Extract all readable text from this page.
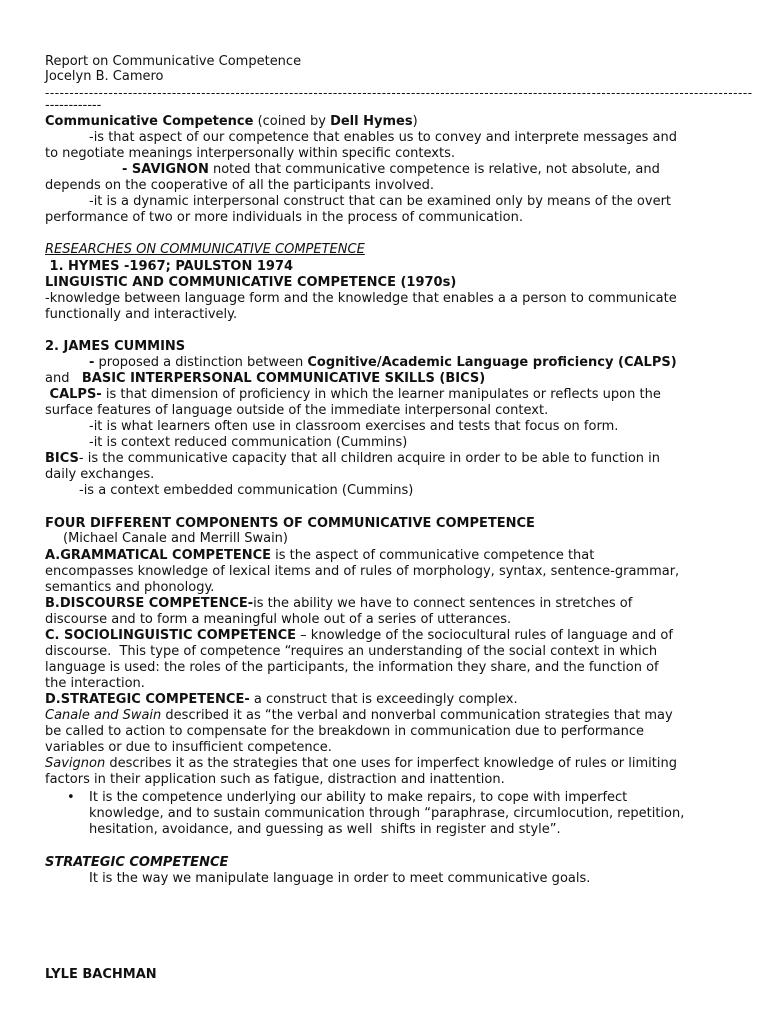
Report on Communicative Competence
Jocelyn B. Camero
-------------------------------------------------------------------------------------------------------------------------------------------------
------------
Communicative Competence (coined by Dell Hymes)
-is that aspect of our competence that enables us to convey and interprete messages and
to negotiate meanings interpersonally within specific contexts.
- SAVIGNON noted that communicative competence is relative, not absolute, and
depends on the cooperative of all the participants involved.
-it is a dynamic interpersonal construct that can be examined only by means of the overt
performance of two or more individuals in the process of communication.
RESEARCHES ON COMMUNICATIVE COMPETENCE
1. HYMES -1967; PAULSTON 1974
LINGUISTIC AND COMMUNICATIVE COMPETENCE (1970s)
-knowledge between language form and the knowledge that enables a a person to communicate
functionally and interactively.
2. JAMES CUMMINS
- proposed a distinction between Cognitive/Academic Language proficiency (CALPS)
and   BASIC INTERPERSONAL COMMUNICATIVE SKILLS (BICS)
CALPS- is that dimension of proficiency in which the learner manipulates or reflects upon the
surface features of language outside of the immediate interpersonal context.
-it is what learners often use in classroom exercises and tests that focus on form.
-it is context reduced communication (Cummins)
BICS- is the communicative capacity that all children acquire in order to be able to function in
daily exchanges.
-is a context embedded communication (Cummins)
FOUR DIFFERENT COMPONENTS OF COMMUNICATIVE COMPETENCE
(Michael Canale and Merrill Swain)
A.GRAMMATICAL COMPETENCE is the aspect of communicative competence that
encompasses knowledge of lexical items and of rules of morphology, syntax, sentence-grammar,
semantics and phonology.
B.DISCOURSE COMPETENCE-is the ability we have to connect sentences in stretches of
discourse and to form a meaningful whole out of a series of utterances.
C. SOCIOLINGUISTIC COMPETENCE – knowledge of the sociocultural rules of language and of
discourse.  This type of competence “requires an understanding of the social context in which
language is used: the roles of the participants, the information they share, and the function of
the interaction.
D.STRATEGIC COMPETENCE- a construct that is exceedingly complex.
Canale and Swain described it as “the verbal and nonverbal communication strategies that may
be called to action to compensate for the breakdown in communication due to performance
variables or due to insufficient competence.
Savignon describes it as the strategies that one uses for imperfect knowledge of rules or limiting
factors in their application such as fatigue, distraction and inattention.
• It is the competence underlying our ability to make repairs, to cope with imperfect
knowledge, and to sustain communication through “paraphrase, circumlocution, repetition,
hesitation, avoidance, and guessing as well  shifts in register and style”.
STRATEGIC COMPETENCE
It is the way we manipulate language in order to meet communicative goals.
LYLE BACHMAN
